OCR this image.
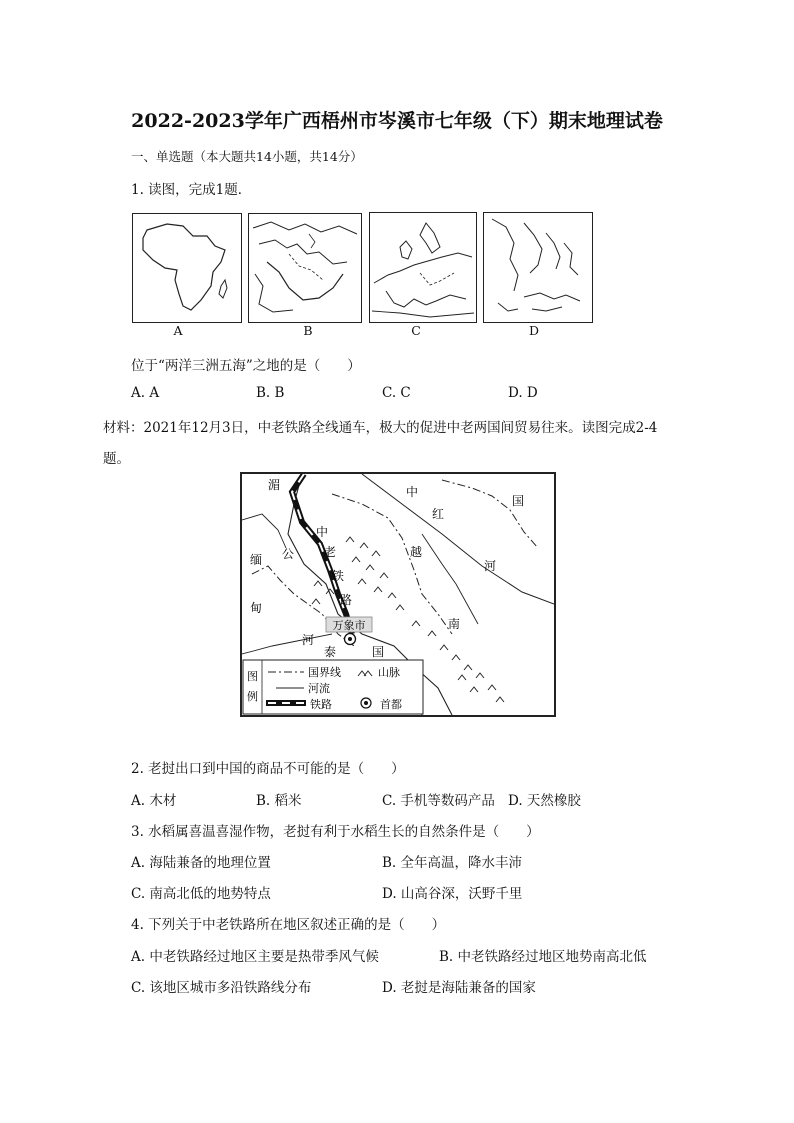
2022-2023学年广西梧州市岑溪市七年级（下）期末地理试卷
一、单选题（本大题共14小题，共14分）
1. 读图，完成1题．
A	B	C	D
位于“两洋三洲五海”之地的是（　　）
A. A	B. B	C. C	D. D
材料：2021年12月3日，中老铁路全线通车，极大的促进中老两国间贸易往来。读图完成2-4
题。
万象市
湄	中
国
红
河
中
老
铁
路
缅 公
甸
越
南
河
泰	国
图
例
国界线
河流
铁路
山脉
首都
2. 老挝出口到中国的商品不可能的是（　　）
A. 木材	B. 稻米	C. 手机等数码产品 D. 天然橡胶
3. 水稻属喜温喜湿作物，老挝有利于水稻生长的自然条件是（　　）
A. 海陆兼备的地理位置	B. 全年高温，降水丰沛
C. 南高北低的地势特点	D. 山高谷深，沃野千里
4. 下列关于中老铁路所在地区叙述正确的是（　　）
A. 中老铁路经过地区主要是热带季风气候	B. 中老铁路经过地区地势南高北低
C. 该地区城市多沿铁路线分布	D. 老挝是海陆兼备的国家
